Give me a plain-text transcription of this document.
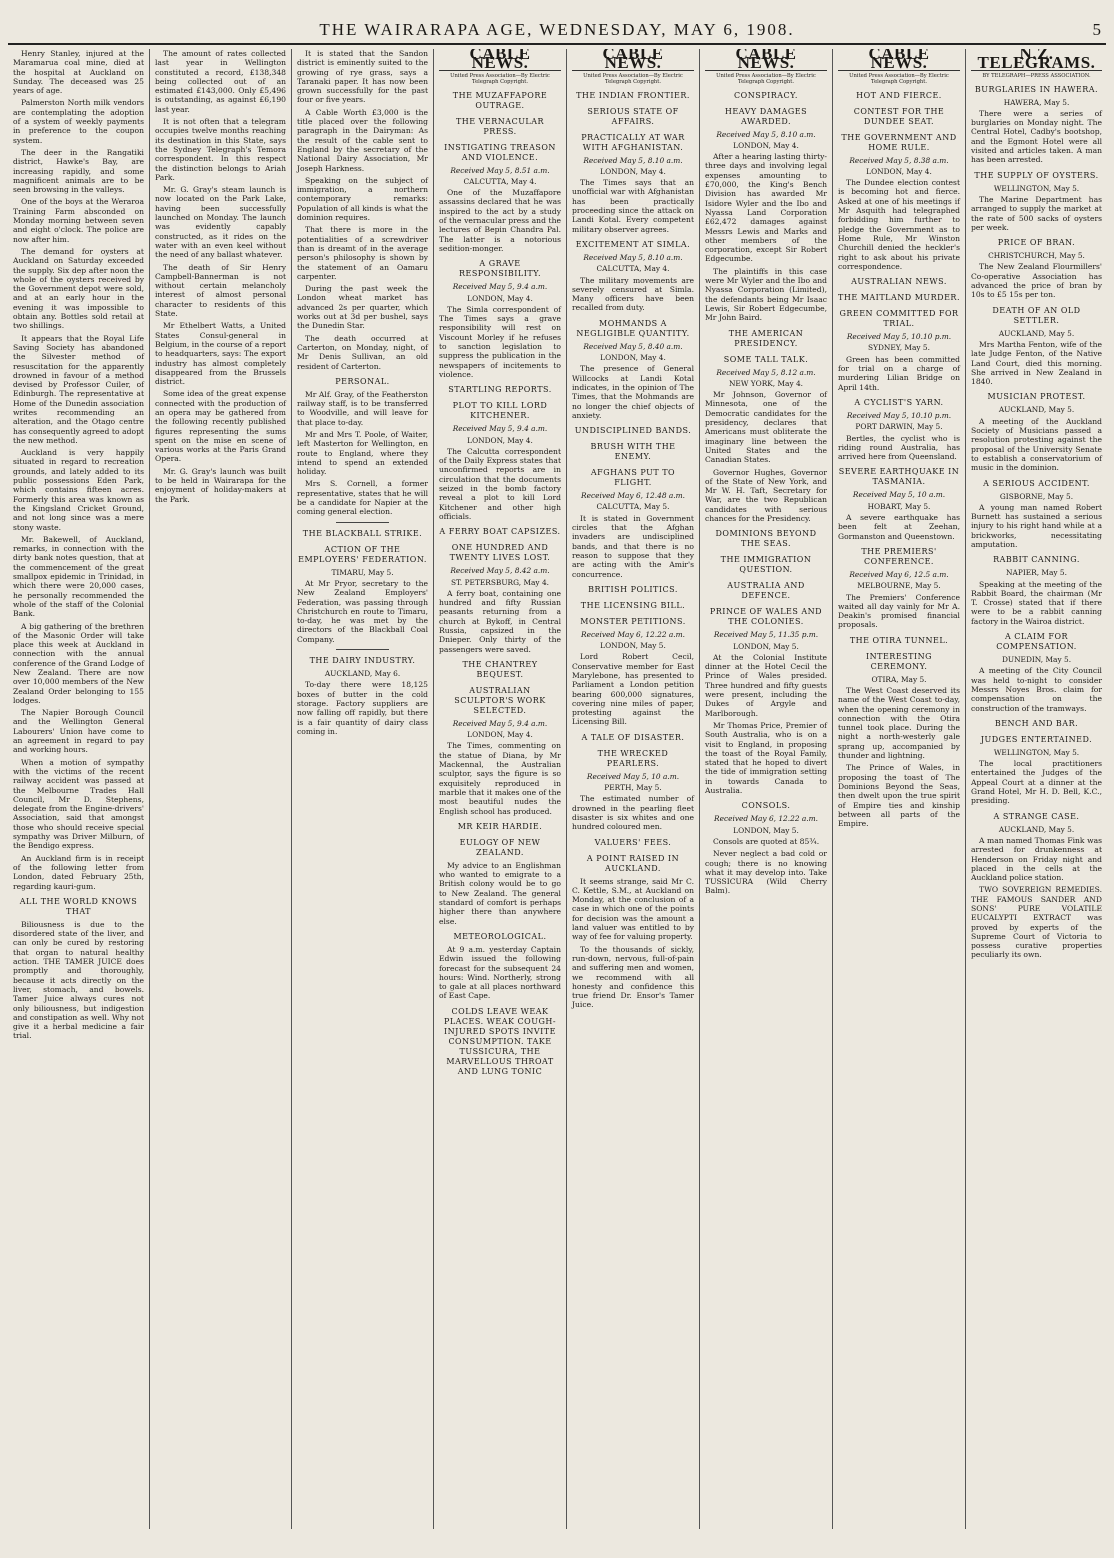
THE WAIRARAPA AGE, WEDNESDAY, MAY 6, 1908.	5

Henry Stanley, injured at the Maramarua coal mine, died at the hospital at Auckland on Sunday. The deceased was 25 years of age.

Palmerston North milk vendors are contemplating the adoption of a system of weekly payments in preference to the coupon system.

The deer in the Rangatiki district, Hawke's Bay, are increasing rapidly, and some magnificent animals are to be seen browsing in the valleys.

One of the boys at the Weraroa Training Farm absconded on Monday morning between seven and eight o'clock. The police are now after him.

The demand for oysters at Auckland on Saturday exceeded the supply. Six dep after noon the whole of the oysters received by the Government depot were sold, and at an early hour in the evening it was impossible to obtain any. Bottles sold retail at two shillings.

It appears that the Royal Life Saving Society has abandoned the Silvester method of resuscitation for the apparently drowned in favour of a method devised by Professor Cuiler, of Edinburgh. The representative at Home of the Dunedin association writes recommending an alteration, and the Otago centre has consequently agreed to adopt the new method.

Auckland is very happily situated in regard to recreation grounds, and lately added to its public possessions Eden Park, which contains fifteen acres. Formerly this area was known as the Kingsland Cricket Ground, and not long since was a mere stony waste.

Mr. Bakewell, of Auckland, remarks, in connection with the dirty bank notes question, that at the commencement of the great smallpox epidemic in Trinidad, in which there were 20,000 cases, he personally recommended the whole of the staff of the Colonial Bank.

A big gathering of the brethren of the Masonic Order will take place this week at Auckland in connection with the annual conference of the Grand Lodge of New Zealand. There are now over 10,000 members of the New Zealand Order belonging to 155 lodges.

The Napier Borough Council and the Wellington General Labourers' Union have come to an agreement in regard to pay and working hours.

When a motion of sympathy with the victims of the recent railway accident was passed at the Melbourne Trades Hall Council, Mr D. Stephens, delegate from the Engine-drivers' Association, said that amongst those who should receive special sympathy was Driver Milburn, of the Bendigo express.

An Auckland firm is in receipt of the following letter from London, dated February 25th, regarding kauri-gum.

ALL THE WORLD KNOWS THAT

Biliousness is due to the disordered state of the liver, and can only be cured by restoring that organ to natural healthy action. THE TAMER JUICE does promptly and thoroughly, because it acts directly on the liver, stomach, and bowels. Tamer Juice always cures not only biliousness, but indigestion and constipation as well. Why not give it a herbal medicine a fair trial.

The amount of rates collected last year in Wellington constituted a record, £138,348 being collected out of an estimated £143,000. Only £5,496 is outstanding, as against £6,190 last year.

It is not often that a telegram occupies twelve months reaching its destination in this State, says the Sydney Telegraph's Temora correspondent. In this respect the distinction belongs to Ariah Park.

Mr. G. Gray's steam launch is now located on the Park Lake, having been successfully launched on Monday. The launch was evidently capably constructed, as it rides on the water with an even keel without the need of any ballast whatever.

The death of Sir Henry Campbell-Bannerman is not without certain melancholy interest of almost personal character to residents of this State.

Mr Ethelbert Watts, a United States Consul-general in Belgium, in the course of a report to headquarters, says: The export industry has almost completely disappeared from the Brussels district.

Some idea of the great expense connected with the production of an opera may be gathered from the following recently published figures representing the sums spent on the mise en scene of various works at the Paris Grand Opera.

Mr. G. Gray's launch was built to be held in Wairarapa for the enjoyment of holiday-makers at the Park.

It is stated that the Sandon district is eminently suited to the growing of rye grass, says a Taranaki paper. It has now been grown successfully for the past four or five years.

A Cable Worth £3,000 is the title placed over the following paragraph in the Dairyman: As the result of the cable sent to England by the secretary of the National Dairy Association, Mr Joseph Harkness.

Speaking on the subject of immigration, a northern contemporary remarks: Population of all kinds is what the dominion requires.

That there is more in the potentialities of a screwdriver than is dreamt of in the average person's philosophy is shown by the statement of an Oamaru carpenter.

During the past week the London wheat market has advanced 2s per quarter, which works out at 3d per bushel, says the Dunedin Star.

The death occurred at Carterton, on Monday, night, of Mr Denis Sullivan, an old resident of Carterton.

PERSONAL.

Mr Alf. Gray, of the Featherston railway staff, is to be transferred to Woodville, and will leave for that place to-day.

Mr and Mrs T. Poole, of Waiter, left Masterton for Wellington, en route to England, where they intend to spend an extended holiday.

Mrs S. Cornell, a former representative, states that he will be a candidate for Napier at the coming general election.

THE BLACKBALL STRIKE.
ACTION OF THE EMPLOYERS' FEDERATION.
TIMARU, May 5.

At Mr Pryor, secretary to the New Zealand Employers' Federation, was passing through Christchurch en route to Timaru, to-day, he was met by the directors of the Blackball Coal Company.

THE DAIRY INDUSTRY.
AUCKLAND, May 6.

To-day there were 18,125 boxes of butter in the cold storage. Factory suppliers are now falling off rapidly, but there is a fair quantity of dairy class coming in.

CABLE NEWS.
United Press Association—By Electric Telegraph Copyright.
THE MUZAFFAPORE OUTRAGE.
THE VERNACULAR PRESS.
INSTIGATING TREASON AND VIOLENCE.
Received May 5, 8.51 a.m.
CALCUTTA, May 4.

One of the Muzaffapore assassins declared that he was inspired to the act by a study of the vernacular press and the lectures of Bepin Chandra Pal. The latter is a notorious sedition-monger.

A GRAVE RESPONSIBILITY.
Received May 5, 9.4 a.m.
LONDON, May 4.

The Simla correspondent of The Times says a grave responsibility will rest on Viscount Morley if he refuses to sanction legislation to suppress the publication in the newspapers of incitements to violence.

STARTLING REPORTS.
PLOT TO KILL LORD KITCHENER.
Received May 5, 9.4 a.m.
LONDON, May 4.

The Calcutta correspondent of the Daily Express states that unconfirmed reports are in circulation that the documents seized in the bomb factory reveal a plot to kill Lord Kitchener and other high officials.

A FERRY BOAT CAPSIZES.
ONE HUNDRED AND TWENTY LIVES LOST.
Received May 5, 8.42 a.m.
ST. PETERSBURG, May 4.

A ferry boat, containing one hundred and fifty Russian peasants returning from a church at Bykoff, in Central Russia, capsized in the Dnieper. Only thirty of the passengers were saved.

THE CHANTREY BEQUEST.
AUSTRALIAN SCULPTOR'S WORK SELECTED.
Received May 5, 9.4 a.m.
LONDON, May 4.

The Times, commenting on the statue of Diana, by Mr Mackennal, the Australian sculptor, says the figure is so exquisitely reproduced in marble that it makes one of the most beautiful nudes the English school has produced.

MR KEIR HARDIE.
EULOGY OF NEW ZEALAND.

My advice to an Englishman who wanted to emigrate to a British colony would be to go to New Zealand. The general standard of comfort is perhaps higher there than anywhere else.

METEOROLOGICAL.

At 9 a.m. yesterday Captain Edwin issued the following forecast for the subsequent 24 hours: Wind. Northerly, strong to gale at all places northward of East Cape.

COLDS LEAVE WEAK PLACES. WEAK COUGH-INJURED SPOTS INVITE CONSUMPTION. TAKE TUSSICURA, THE MARVELLOUS THROAT AND LUNG TONIC
CABLE NEWS.
United Press Association—By Electric Telegraph Copyright.
THE INDIAN FRONTIER.
SERIOUS STATE OF AFFAIRS.
PRACTICALLY AT WAR WITH AFGHANISTAN.
Received May 5, 8.10 a.m.
LONDON, May 4.

The Times says that an unofficial war with Afghanistan has been practically proceeding since the attack on Landi Kotal. Every competent military observer agrees.

EXCITEMENT AT SIMLA.
Received May 5, 8.10 a.m.
CALCUTTA, May 4.

The military movements are severely censured at Simla. Many officers have been recalled from duty.

MOHMANDS A NEGLIGIBLE QUANTITY.
Received May 5, 8.40 a.m.
LONDON, May 4.

The presence of General Willcocks at Landi Kotal indicates, in the opinion of The Times, that the Mohmands are no longer the chief objects of anxiety.

UNDISCIPLINED BANDS.
BRUSH WITH THE ENEMY.
AFGHANS PUT TO FLIGHT.
Received May 6, 12.48 a.m.
CALCUTTA, May 5.

It is stated in Government circles that the Afghan invaders are undisciplined bands, and that there is no reason to suppose that they are acting with the Amir's concurrence.

BRITISH POLITICS.
THE LICENSING BILL.
MONSTER PETITIONS.
Received May 6, 12.22 a.m.
LONDON, May 5.

Lord Robert Cecil, Conservative member for East Marylebone, has presented to Parliament a London petition bearing 600,000 signatures, covering nine miles of paper, protesting against the Licensing Bill.

A TALE OF DISASTER.
THE WRECKED PEARLERS.
Received May 5, 10 a.m.
PERTH, May 5.

The estimated number of drowned in the pearling fleet disaster is six whites and one hundred coloured men.

VALUERS' FEES.
A POINT RAISED IN AUCKLAND.

It seems strange, said Mr C. C. Kettle, S.M., at Auckland on Monday, at the conclusion of a case in which one of the points for decision was the amount a land valuer was entitled to by way of fee for valuing property.

To the thousands of sickly, run-down, nervous, full-of-pain and suffering men and women, we recommend with all honesty and confidence this true friend Dr. Ensor's Tamer Juice.

CABLE NEWS.
United Press Association—By Electric Telegraph Copyright.
CONSPIRACY.
HEAVY DAMAGES AWARDED.
Received May 5, 8.10 a.m.
LONDON, May 4.

After a hearing lasting thirty-three days and involving legal expenses amounting to £70,000, the King's Bench Division has awarded Mr Isidore Wyler and the Ibo and Nyassa Land Corporation £62,472 damages against Messrs Lewis and Marks and other members of the corporation, except Sir Robert Edgecumbe.

The plaintiffs in this case were Mr Wyler and the Ibo and Nyassa Corporation (Limited), the defendants being Mr Isaac Lewis, Sir Robert Edgecumbe, Mr John Baird.

THE AMERICAN PRESIDENCY.
SOME TALL TALK.
Received May 5, 8.12 a.m.
NEW YORK, May 4.

Mr Johnson, Governor of Minnesota, one of the Democratic candidates for the presidency, declares that Americans must obliterate the imaginary line between the United States and the Canadian States.

Governor Hughes, Governor of the State of New York, and Mr W. H. Taft, Secretary for War, are the two Republican candidates with serious chances for the Presidency.

DOMINIONS BEYOND THE SEAS.
THE IMMIGRATION QUESTION.
AUSTRALIA AND DEFENCE.
PRINCE OF WALES AND THE COLONIES.
Received May 5, 11.35 p.m.
LONDON, May 5.

At the Colonial Institute dinner at the Hotel Cecil the Prince of Wales presided. Three hundred and fifty guests were present, including the Dukes of Argyle and Marlborough.

Mr Thomas Price, Premier of South Australia, who is on a visit to England, in proposing the toast of the Royal Family, stated that he hoped to divert the tide of immigration setting in towards Canada to Australia.

CONSOLS.
Received May 6, 12.22 a.m.
LONDON, May 5.

Consols are quoted at 85¾.

Never neglect a bad cold or cough; there is no knowing what it may develop into. Take TUSSICURA (Wild Cherry Balm).

CABLE NEWS.
United Press Association—By Electric Telegraph Copyright.
HOT AND FIERCE.
CONTEST FOR THE DUNDEE SEAT.
THE GOVERNMENT AND HOME RULE.
Received May 5, 8.38 a.m.
LONDON, May 4.

The Dundee election contest is becoming hot and fierce. Asked at one of his meetings if Mr Asquith had telegraphed forbidding him further to pledge the Government as to Home Rule, Mr Winston Churchill denied the heckler's right to ask about his private correspondence.

AUSTRALIAN NEWS.
THE MAITLAND MURDER.
GREEN COMMITTED FOR TRIAL.
Received May 5, 10.10 p.m.
SYDNEY, May 5.

Green has been committed for trial on a charge of murdering Lilian Bridge on April 14th.

A CYCLIST'S YARN.
Received May 5, 10.10 p.m.
PORT DARWIN, May 5.

Bertles, the cyclist who is riding round Australia, has arrived here from Queensland.

SEVERE EARTHQUAKE IN TASMANIA.
Received May 5, 10 a.m.
HOBART, May 5.

A severe earthquake has been felt at Zeehan, Gormanston and Queenstown.

THE PREMIERS' CONFERENCE.
Received May 6, 12.5 a.m.
MELBOURNE, May 5.

The Premiers' Conference waited all day vainly for Mr A. Deakin's promised financial proposals.

THE OTIRA TUNNEL.
INTERESTING CEREMONY.
OTIRA, May 5.

The West Coast deserved its name of the West Coast to-day, when the opening ceremony in connection with the Otira tunnel took place. During the night a north-westerly gale sprang up, accompanied by thunder and lightning.

The Prince of Wales, in proposing the toast of The Dominions Beyond the Seas, then dwelt upon the true spirit of Empire ties and kinship between all parts of the Empire.

N.Z. TELEGRAMS.
BY TELEGRAPH—PRESS ASSOCIATION.
BURGLARIES IN HAWERA.
HAWERA, May 5.

There were a series of burglaries on Monday night. The Central Hotel, Cadby's bootshop, and the Egmont Hotel were all visited and articles taken. A man has been arrested.

THE SUPPLY OF OYSTERS.
WELLINGTON, May 5.

The Marine Department has arranged to supply the market at the rate of 500 sacks of oysters per week.

PRICE OF BRAN.
CHRISTCHURCH, May 5.

The New Zealand Flourmillers' Co-operative Association has advanced the price of bran by 10s to £5 15s per ton.

DEATH OF AN OLD SETTLER.
AUCKLAND, May 5.

Mrs Martha Fenton, wife of the late Judge Fenton, of the Native Land Court, died this morning. She arrived in New Zealand in 1840.

MUSICIAN PROTEST.
AUCKLAND, May 5.

A meeting of the Auckland Society of Musicians passed a resolution protesting against the proposal of the University Senate to establish a conservatorium of music in the dominion.

A SERIOUS ACCIDENT.
GISBORNE, May 5.

A young man named Robert Burnett has sustained a serious injury to his right hand while at a brickworks, necessitating amputation.

RABBIT CANNING.
NAPIER, May 5.

Speaking at the meeting of the Rabbit Board, the chairman (Mr T. Crosse) stated that if there were to be a rabbit canning factory in the Wairoa district.

A CLAIM FOR COMPENSATION.
DUNEDIN, May 5.

A meeting of the City Council was held to-night to consider Messrs Noyes Bros. claim for compensation on the construction of the tramways.

BENCH AND BAR.
JUDGES ENTERTAINED.
WELLINGTON, May 5.

The local practitioners entertained the Judges of the Appeal Court at a dinner at the Grand Hotel, Mr H. D. Bell, K.C., presiding.

A STRANGE CASE.
AUCKLAND, May 5.

A man named Thomas Fink was arrested for drunkenness at Henderson on Friday night and placed in the cells at the Auckland police station.

TWO SOVEREIGN REMEDIES. THE FAMOUS SANDER AND SONS' PURE VOLATILE EUCALYPTI EXTRACT was proved by experts of the Supreme Court of Victoria to possess curative properties peculiarly its own.
